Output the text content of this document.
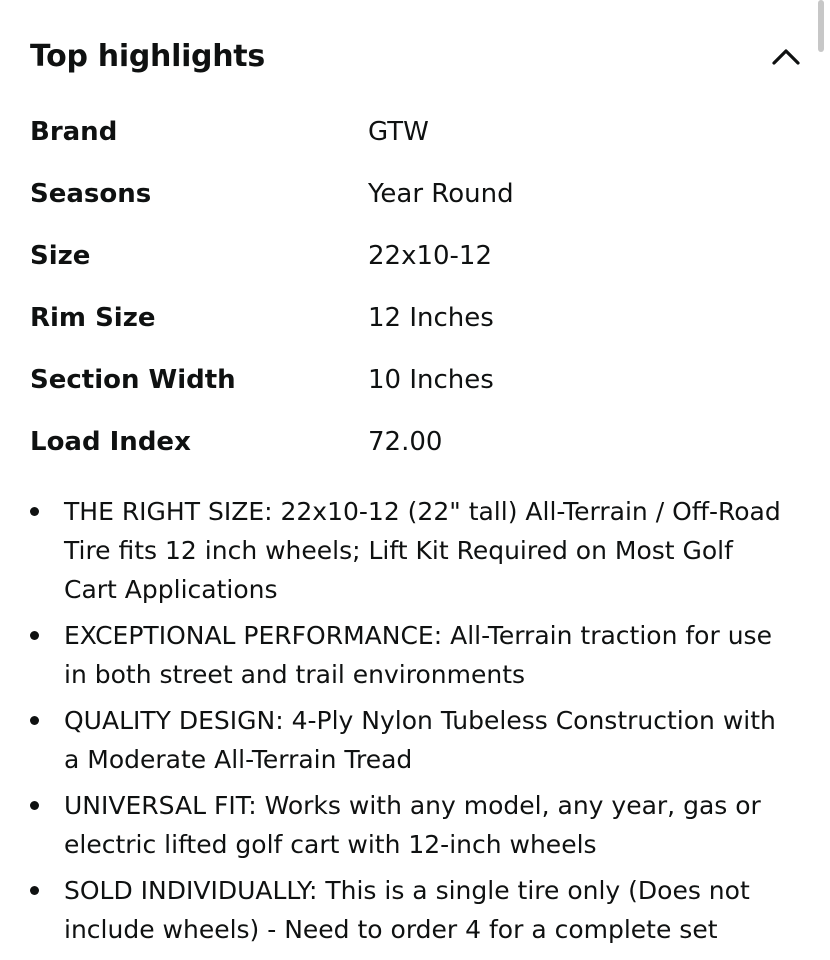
Top highlights
Brand	GTW
Seasons	Year Round
Size	22x10-12
Rim Size	12 Inches
Section Width	10 Inches
Load Index	72.00
THE RIGHT SIZE: 22x10-12 (22" tall) All-Terrain / Off-Road Tire fits 12 inch wheels; Lift Kit Required on Most Golf Cart Applications
EXCEPTIONAL PERFORMANCE: All-Terrain traction for use in both street and trail environments
QUALITY DESIGN: 4-Ply Nylon Tubeless Construction with a Moderate All-Terrain Tread
UNIVERSAL FIT: Works with any model, any year, gas or electric lifted golf cart with 12-inch wheels
SOLD INDIVIDUALLY: This is a single tire only (Does not include wheels) - Need to order 4 for a complete set
